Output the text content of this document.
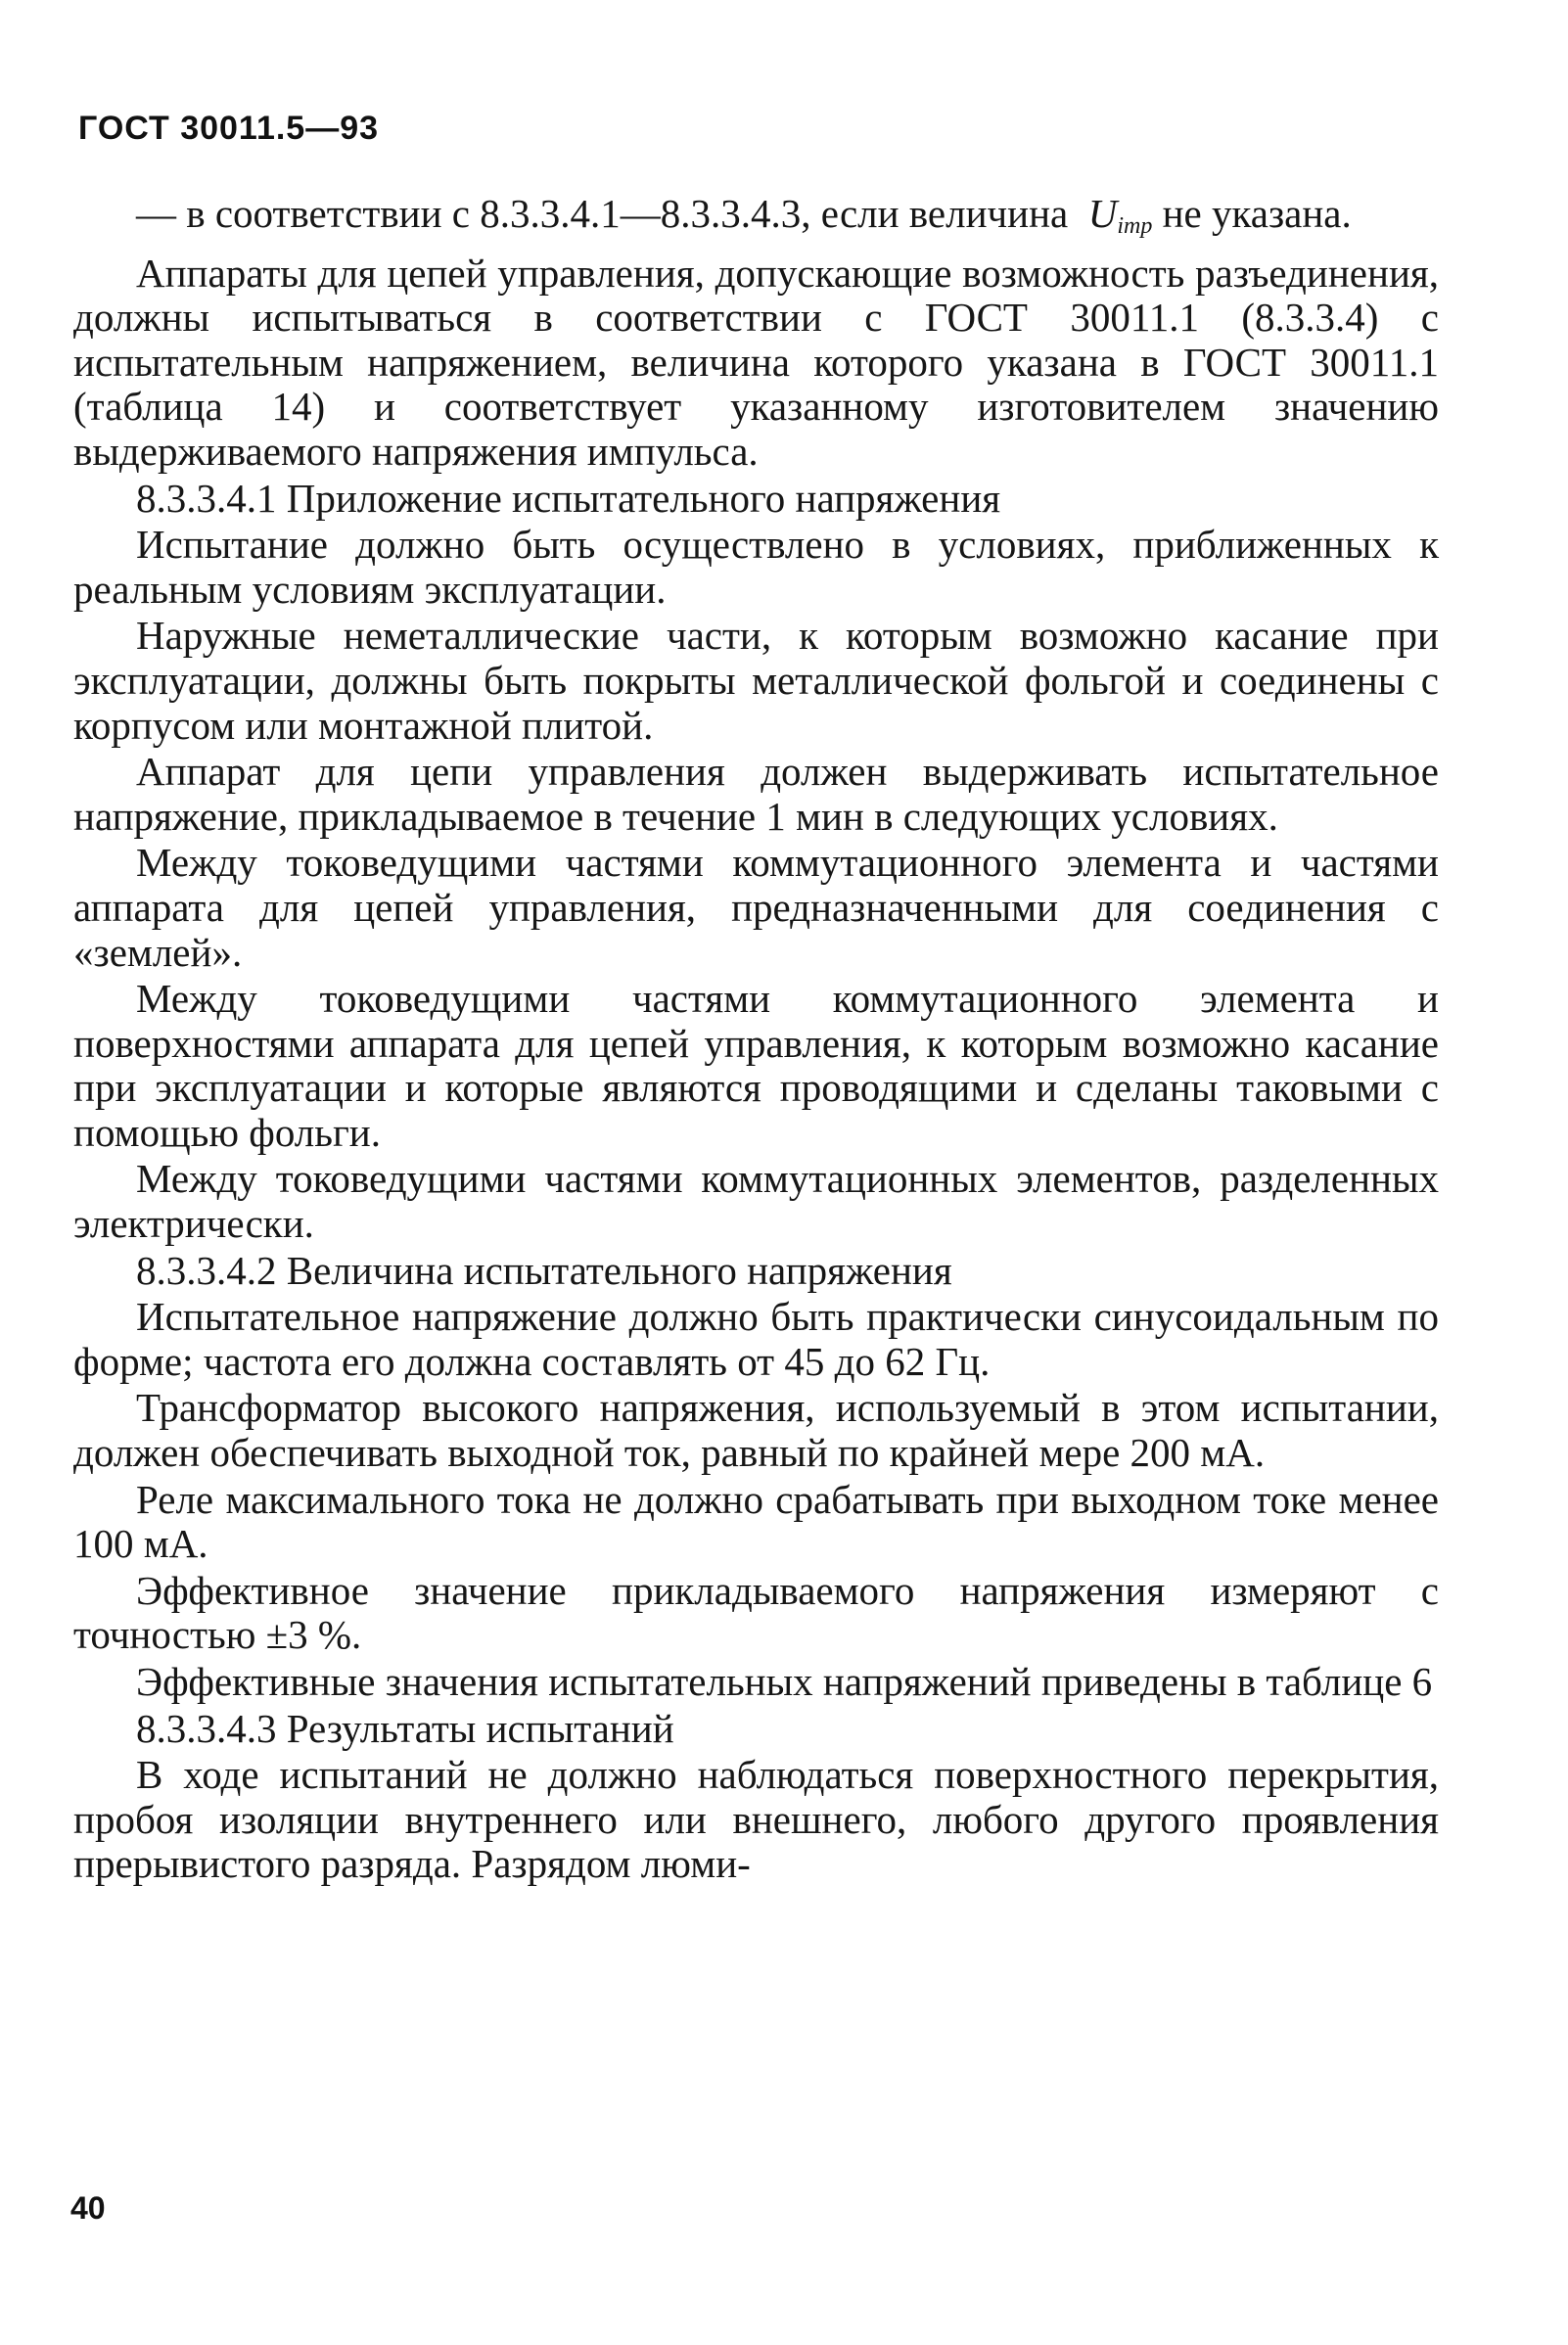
ГОСТ 30011.5—93

— в соответствии с 8.3.3.4.1—8.3.3.4.3, если величина $U_{imp}$ не указана.

Аппараты для цепей управления, допускающие возможность разъединения, должны испытываться в соответствии с ГОСТ 30011.1 (8.3.3.4) с испытательным напряжением, величина которого указана в ГОСТ 30011.1 (таблица 14) и соответствует указанному изготовителем значению выдерживаемого напряжения импульса.

8.3.3.4.1 Приложение испытательного напряжения

Испытание должно быть осуществлено в условиях, приближенных к реальным условиям эксплуатации.

Наружные неметаллические части, к которым возможно касание при эксплуатации, должны быть покрыты металлической фольгой и соединены с корпусом или монтажной плитой.

Аппарат для цепи управления должен выдерживать испытательное напряжение, прикладываемое в течение 1 мин в следующих условиях.

Между токоведущими частями коммутационного элемента и частями аппарата для цепей управления, предназначенными для соединения с «землей».

Между токоведущими частями коммутационного элемента и поверхностями аппарата для цепей управления, к которым возможно касание при эксплуатации и которые являются проводящими и сделаны таковыми с помощью фольги.

Между токоведущими частями коммутационных элементов, разделенных электрически.

8.3.3.4.2 Величина испытательного напряжения

Испытательное напряжение должно быть практически синусоидальным по форме; частота его должна составлять от 45 до 62 Гц.

Трансформатор высокого напряжения, используемый в этом испытании, должен обеспечивать выходной ток, равный по крайней мере 200 мА.

Реле максимального тока не должно срабатывать при выходном токе менее 100 мА.

Эффективное значение прикладываемого напряжения измеряют с точностью ±3 %.

Эффективные значения испытательных напряжений приведены в таблице 6

8.3.3.4.3 Результаты испытаний

В ходе испытаний не должно наблюдаться поверхностного перекрытия, пробоя изоляции внутреннего или внешнего, любого другого проявления прерывистого разряда. Разрядом люми-

40
